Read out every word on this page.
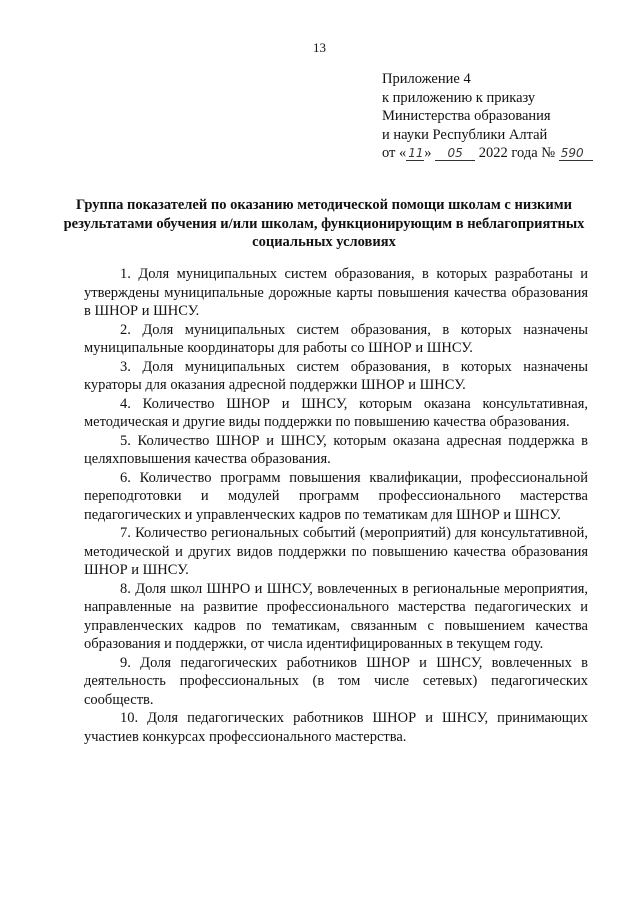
13
Приложение 4
к приложению к приказу
Министерства образования
и науки Республики Алтай
от « 11» 05 2022 года № 590
Группа показателей по оказанию методической помощи школам с низкими результатами обучения и/или школам, функционирующим в неблагоприятных социальных условиях

1. Доля муниципальных систем образования, в которых разработаны и утверждены муниципальные дорожные карты повышения качества образования в ШНОР и ШНСУ.

2. Доля муниципальных систем образования, в которых назначены муниципальные координаторы для работы со ШНОР и ШНСУ.

3. Доля муниципальных систем образования, в которых назначены кураторы для оказания адресной поддержки ШНОР и ШНСУ.

4. Количество ШНОР и ШНСУ, которым оказана консультативная, методическая и другие виды поддержки по повышению качества образования.

5. Количество ШНОР и ШНСУ, которым оказана адресная поддержка в целяхповышения качества образования.

6. Количество программ повышения квалификации, профессиональной переподготовки и модулей программ профессионального мастерства педагогических и управленческих кадров по тематикам для ШНОР и ШНСУ.

7. Количество региональных событий (мероприятий) для консультативной, методической и других видов поддержки по повышению качества образования ШНОР и ШНСУ.

8. Доля школ ШНРО и ШНСУ, вовлеченных в региональные мероприятия, направленные на развитие профессионального мастерства педагогических и управленческих кадров по тематикам, связанным с повышением качества образования и поддержки, от числа идентифицированных в текущем году.

9. Доля педагогических работников ШНОР и ШНСУ, вовлеченных в деятельность профессиональных (в том числе сетевых) педагогических сообществ.

10. Доля педагогических работников ШНОР и ШНСУ, принимающих участиев конкурсах профессионального мастерства.
